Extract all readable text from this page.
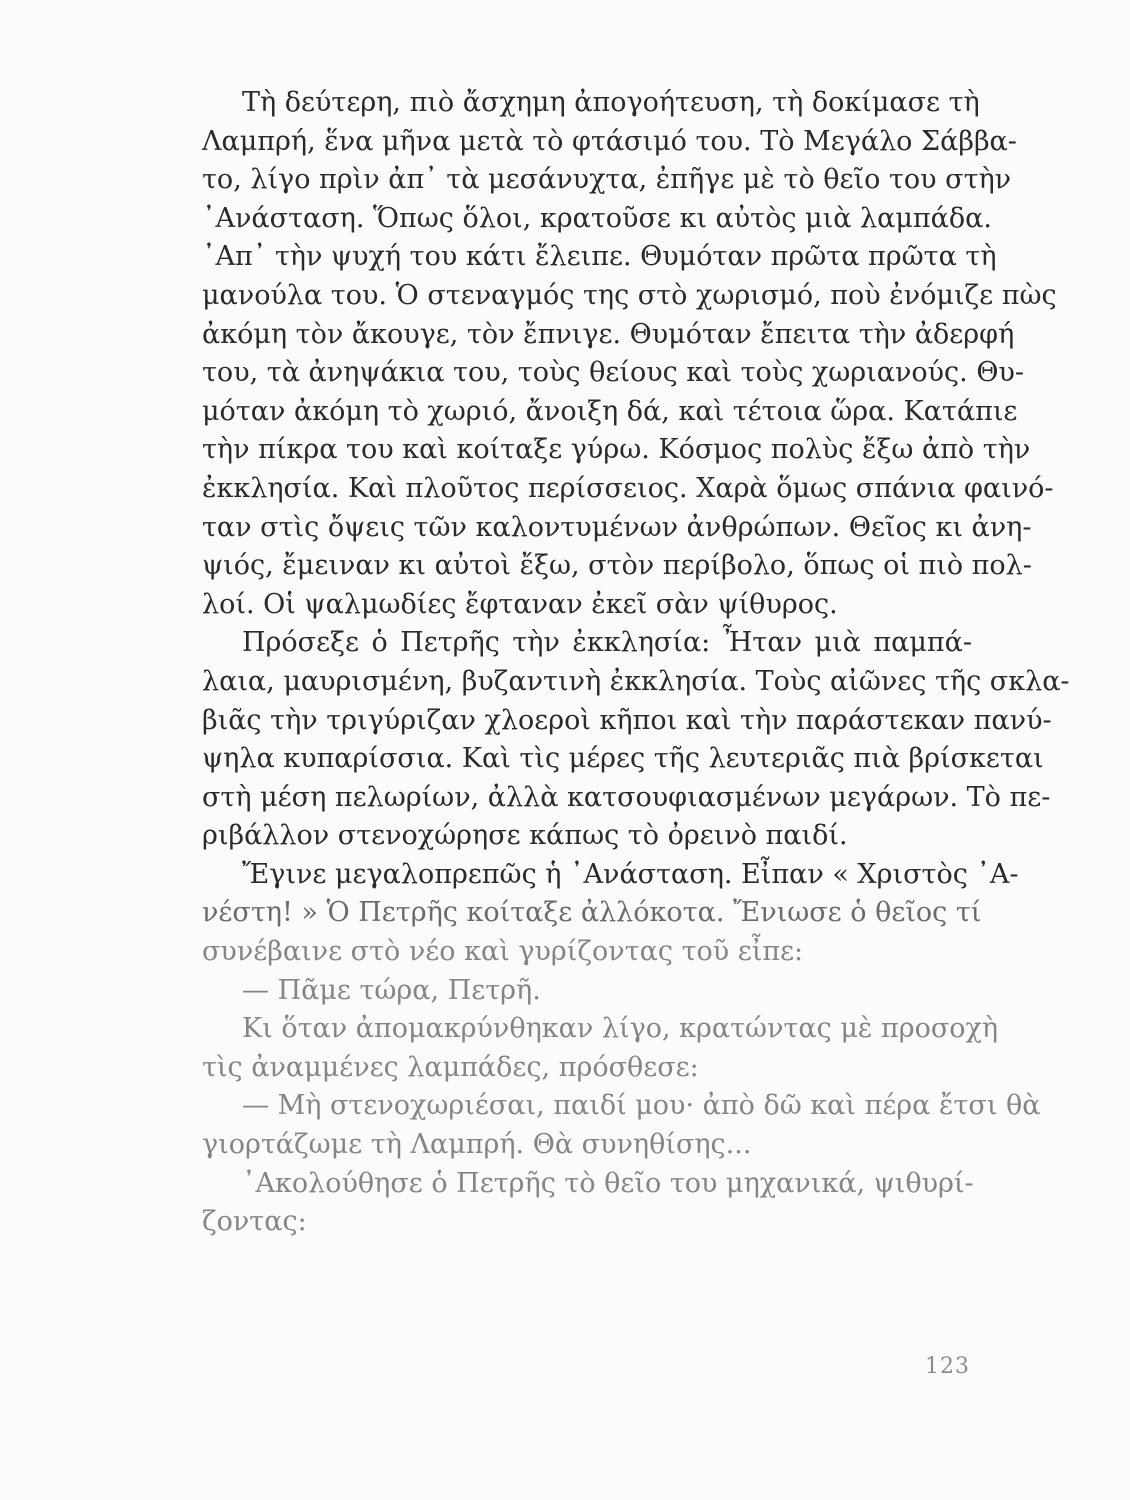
Τὴ δεύτερη, πιὸ ἄσχημη ἀπογοήτευση, τὴ δοκίμασε τὴ
Λαμπρή, ἕνα μῆνα μετὰ τὸ φτάσιμό του. Τὸ Μεγάλο Σάββα-
το, λίγο πρὶν ἀπ᾽ τὰ μεσάνυχτα, ἐπῆγε μὲ τὸ θεῖο του στὴν
᾽Ανάσταση. Ὅπως ὅλοι, κρατοῦσε κι αὐτὸς μιὰ λαμπάδα.
᾽Απ᾽ τὴν ψυχή του κάτι ἔλειπε. Θυμόταν πρῶτα πρῶτα τὴ
μανούλα του. Ὁ στεναγμός της στὸ χωρισμό, ποὺ ἐνόμιζε πὼς
ἀκόμη τὸν ἄκουγε, τὸν ἔπνιγε. Θυμόταν ἔπειτα τὴν ἀδερφή
του, τὰ ἀνηψάκια του, τοὺς θείους καὶ τοὺς χωριανούς. Θυ-
μόταν ἀκόμη τὸ χωριό, ἄνοιξη δά, καὶ τέτοια ὥρα. Κατάπιε
τὴν πίκρα του καὶ κοίταξε γύρω. Κόσμος πολὺς ἔξω ἀπὸ τὴν
ἐκκλησία. Καὶ πλοῦτος περίσσειος. Χαρὰ ὅμως σπάνια φαινό-
ταν στὶς ὄψεις τῶν καλοντυμένων ἀνθρώπων. Θεῖος κι ἀνη-
ψιός, ἔμειναν κι αὐτοὶ ἔξω, στὸν περίβολο, ὅπως οἱ πιὸ πολ-
λοί. Οἱ ψαλμωδίες ἔφταναν ἐκεῖ σὰν ψίθυρος.
Πρόσεξε ὁ Πετρῆς τὴν ἐκκλησία: Ἦταν μιὰ παμπά-
λαια, μαυρισμένη, βυζαντινὴ ἐκκλησία. Τοὺς αἰῶνες τῆς σκλα-
βιᾶς τὴν τριγύριζαν χλοεροὶ κῆποι καὶ τὴν παράστεκαν πανύ-
ψηλα κυπαρίσσια. Καὶ τὶς μέρες τῆς λευτεριᾶς πιὰ βρίσκεται
στὴ μέση πελωρίων, ἀλλὰ κατσουφιασμένων μεγάρων. Τὸ πε-
ριβάλλον στενοχώρησε κάπως τὸ ὀρεινὸ παιδί.
Ἔγινε μεγαλοπρεπῶς ἡ ᾽Ανάσταση. Εἶπαν « Χριστὸς ᾽Α-
νέστη! » Ὁ Πετρῆς κοίταξε ἀλλόκοτα. Ἔνιωσε ὁ θεῖος τί
συνέβαινε στὸ νέο καὶ γυρίζοντας τοῦ εἶπε:
— Πᾶμε τώρα, Πετρῆ.
Κι ὅταν ἀπομακρύνθηκαν λίγο, κρατώντας μὲ προσοχὴ
τὶς ἀναμμένες λαμπάδες, πρόσθεσε:
— Μὴ στενοχωριέσαι, παιδί μου· ἀπὸ δῶ καὶ πέρα ἔτσι θὰ
γιορτάζωμε τὴ Λαμπρή. Θὰ συνηθίσης...
᾽Ακολούθησε ὁ Πετρῆς τὸ θεῖο του μηχανικά, ψιθυρί-
ζοντας:
123
